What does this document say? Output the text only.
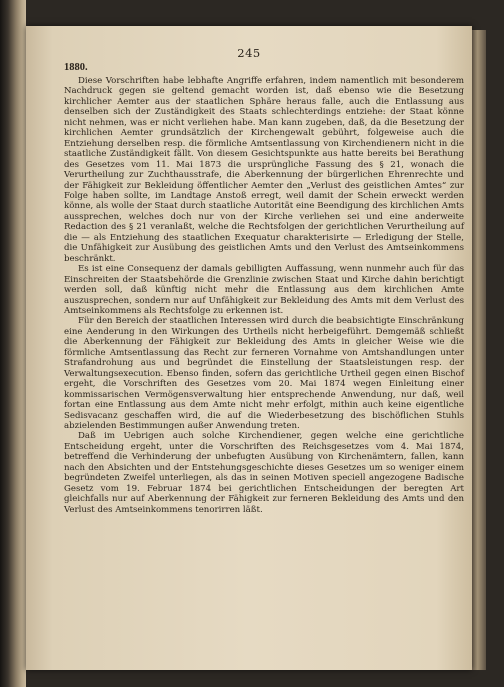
245
1880.

Diese Vorschriften habe lebhafte Angriffe erfahren, indem namentlich mit besonderem Nachdruck gegen sie geltend gemacht worden ist, daß ebenso wie die Besetzung kirchlicher Aemter aus der staatlichen Sphäre heraus falle, auch die Entlassung aus denselben sich der Zuständigkeit des Staats schlechterdings entziehe: der Staat könne nicht nehmen, was er nicht verliehen habe. Man kann zugeben, daß, da die Besetzung der kirchlichen Aemter grundsätzlich der Kirchengewalt gebührt, folgeweise auch die Entziehung derselben resp. die förmliche Amtsentlassung von Kirchendienern nicht in die staatliche Zuständigkeit fällt. Von diesem Gesichtspunkte aus hatte bereits bei Berathung des Gesetzes vom 11. Mai 1873 die ursprüngliche Fassung des § 21, wonach die Verurtheilung zur Zuchthausstrafe, die Aberkennung der bürgerlichen Ehrenrechte und der Fähigkeit zur Bekleidung öffentlicher Aemter den „Verlust des geistlichen Amtes“ zur Folge haben sollte, im Landtage Anstoß erregt, weil damit der Schein erweckt werden könne, als wolle der Staat durch staatliche Autorität eine Beendigung des kirchlichen Amts aussprechen, welches doch nur von der Kirche verliehen sei und eine anderweite Redaction des § 21 veranlaßt, welche die Rechtsfolgen der gerichtlichen Verurtheilung auf die — als Entziehung des staatlichen Exequatur charakterisirte — Erledigung der Stelle, die Unfähigkeit zur Ausübung des geistlichen Amts und den Verlust des Amtseinkommens beschränkt.

Es ist eine Consequenz der damals gebilligten Auffassung, wenn nunmehr auch für das Einschreiten der Staatsbehörde die Grenzlinie zwischen Staat und Kirche dahin berichtigt werden soll, daß künftig nicht mehr die Entlassung aus dem kirchlichen Amte auszusprechen, sondern nur auf Unfähigkeit zur Bekleidung des Amts mit dem Verlust des Amtseinkommens als Rechtsfolge zu erkennen ist.

Für den Bereich der staatlichen Interessen wird durch die beabsichtigte Einschränkung eine Aenderung in den Wirkungen des Urtheils nicht herbeigeführt. Demgemäß schließt die Aberkennung der Fähigkeit zur Bekleidung des Amts in gleicher Weise wie die förmliche Amtsentlassung das Recht zur ferneren Vornahme von Amtshandlungen unter Strafandrohung aus und begründet die Einstellung der Staatsleistungen resp. der Verwaltungsexecution. Ebenso finden, sofern das gerichtliche Urtheil gegen einen Bischof ergeht, die Vorschriften des Gesetzes vom 20. Mai 1874 wegen Einleitung einer kommissarischen Vermögensverwaltung hier entsprechende Anwendung, nur daß, weil fortan eine Entlassung aus dem Amte nicht mehr erfolgt, mithin auch keine eigentliche Sedisvacanz geschaffen wird, die auf die Wiederbesetzung des bischöflichen Stuhls abzielenden Bestimmungen außer Anwendung treten.

Daß im Uebrigen auch solche Kirchendiener, gegen welche eine gerichtliche Entscheidung ergeht, unter die Vorschriften des Reichsgesetzes vom 4. Mai 1874, betreffend die Verhinderung der unbefugten Ausübung von Kirchenämtern, fallen, kann nach den Absichten und der Entstehungsgeschichte dieses Gesetzes um so weniger einem begründeten Zweifel unterliegen, als das in seinen Motiven speciell angezogene Badische Gesetz vom 19. Februar 1874 bei gerichtlichen Entscheidungen der beregten Art gleichfalls nur auf Aberkennung der Fähigkeit zur ferneren Bekleidung des Amts und den Verlust des Amtseinkommens tenorirren läßt.
